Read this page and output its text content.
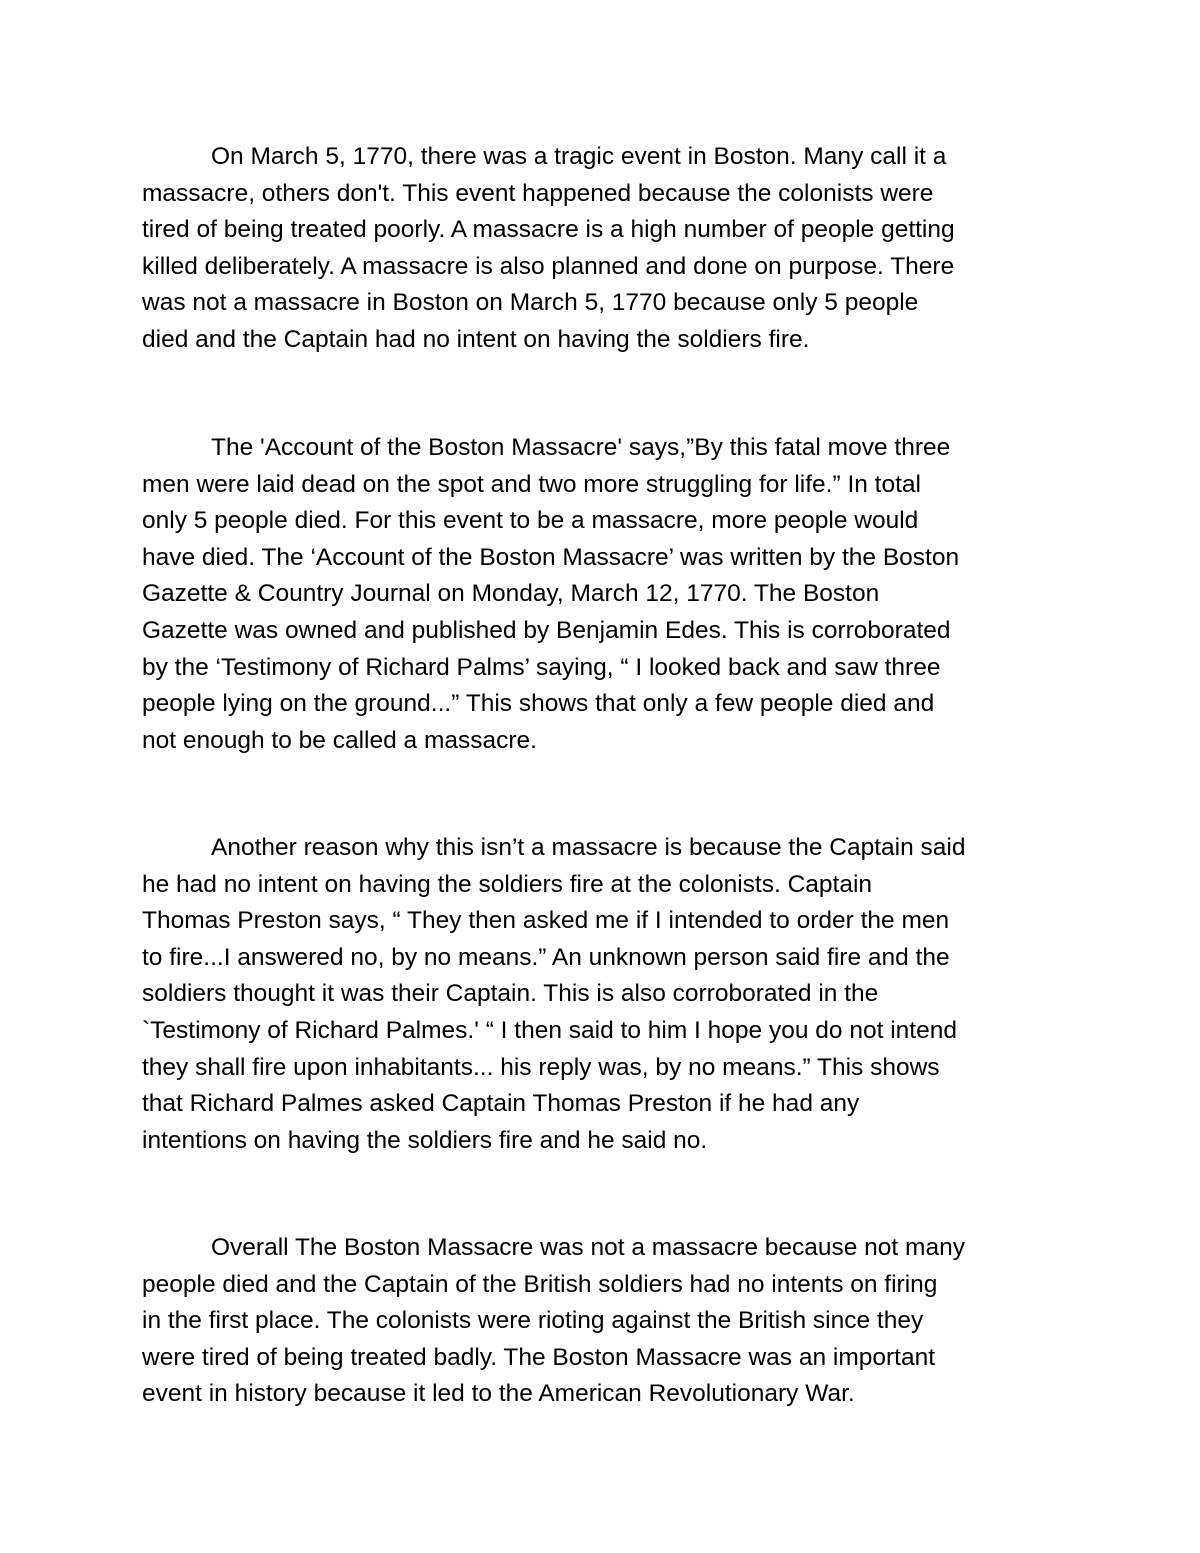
On March 5, 1770, there was a tragic event in Boston. Many call it a
massacre, others don't. This event happened because the colonists were
tired of being treated poorly. A massacre is a high number of people getting
killed deliberately. A massacre is also planned and done on purpose. There
was not a massacre in Boston on March 5, 1770 because only 5 people
died and the Captain had no intent on having the soldiers fire.
The 'Account of the Boston Massacre' says,”By this fatal move three
men were laid dead on the spot and two more struggling for life.” In total
only 5 people died. For this event to be a massacre, more people would
have died. The ‘Account of the Boston Massacre’ was written by the Boston
Gazette & Country Journal on Monday, March 12, 1770. The Boston
Gazette was owned and published by Benjamin Edes. This is corroborated
by the ‘Testimony of Richard Palms’ saying, “ I looked back and saw three
people lying on the ground...” This shows that only a few people died and
not enough to be called a massacre.
Another reason why this isn’t a massacre is because the Captain said
he had no intent on having the soldiers fire at the colonists. Captain
Thomas Preston says, “ They then asked me if I intended to order the men
to fire...I answered no, by no means.” An unknown person said fire and the
soldiers thought it was their Captain. This is also corroborated in the
`Testimony of Richard Palmes.' “ I then said to him I hope you do not intend
they shall fire upon inhabitants... his reply was, by no means.” This shows
that Richard Palmes asked Captain Thomas Preston if he had any
intentions on having the soldiers fire and he said no.
Overall The Boston Massacre was not a massacre because not many
people died and the Captain of the British soldiers had no intents on firing
in the first place. The colonists were rioting against the British since they
were tired of being treated badly. The Boston Massacre was an important
event in history because it led to the American Revolutionary War.
